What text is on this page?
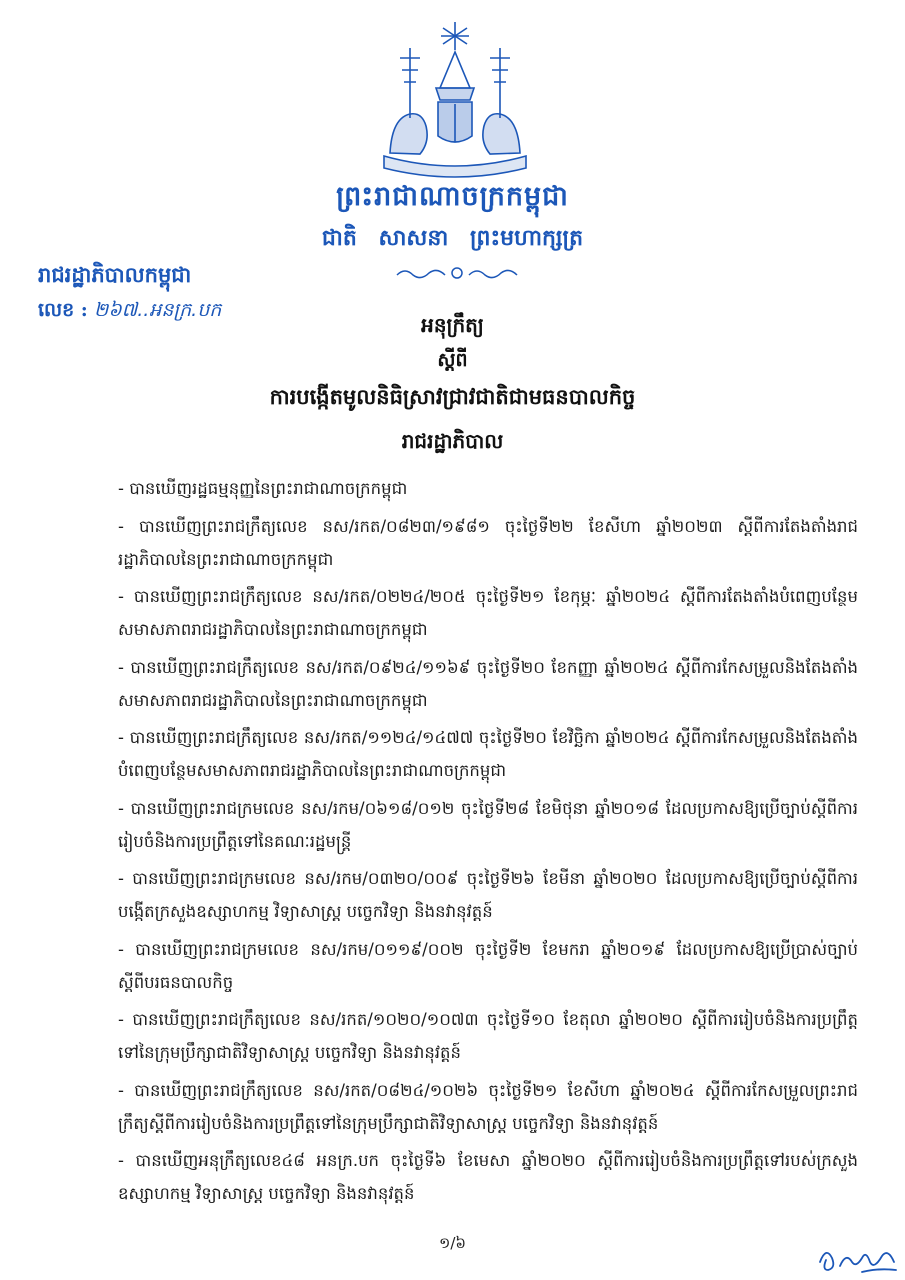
ព្រះរាជាណាចក្រកម្ពុជា
ជាតិ សាសនា ព្រះមហាក្សត្រ
រាជរដ្ឋាភិបាលកម្ពុជា
លេខ : ២៦៧..អនក្រ.បក
អនុក្រឹត្យ
ស្តីពី
ការបង្កើតមូលនិធិស្រាវជ្រាវជាតិជាមធនបាលកិច្ច
រាជរដ្ឋាភិបាល
- បានឃើញរដ្ឋធម្មនុញ្ញនៃព្រះរាជាណាចក្រកម្ពុជា
- បានឃើញព្រះរាជក្រឹត្យលេខ នស/រកត/០៨២៣/១៩៨១ ចុះថ្ងៃទី២២ ខែសីហា ឆ្នាំ២០២៣ ស្តីពីការតែងតាំងរាជរដ្ឋាភិបាលនៃព្រះរាជាណាចក្រកម្ពុជា
- បានឃើញព្រះរាជក្រឹត្យលេខ នស/រកត/០២២៤/២០៥ ចុះថ្ងៃទី២១ ខែកុម្ភៈ ឆ្នាំ២០២៤ ស្តីពីការតែងតាំងបំពេញបន្ថែមសមាសភាពរាជរដ្ឋាភិបាលនៃព្រះរាជាណាចក្រកម្ពុជា
- បានឃើញព្រះរាជក្រឹត្យលេខ នស/រកត/០៩២៤/១១៦៩ ចុះថ្ងៃទី២០ ខែកញ្ញា ឆ្នាំ២០២៤ ស្តីពីការកែសម្រួលនិងតែងតាំងសមាសភាពរាជរដ្ឋាភិបាលនៃព្រះរាជាណាចក្រកម្ពុជា
- បានឃើញព្រះរាជក្រឹត្យលេខ នស/រកត/១១២៤/១៤៧៧ ចុះថ្ងៃទី២០ ខែវិច្ឆិកា ឆ្នាំ២០២៤ ស្តីពីការកែសម្រួលនិងតែងតាំងបំពេញបន្ថែមសមាសភាពរាជរដ្ឋាភិបាលនៃព្រះរាជាណាចក្រកម្ពុជា
- បានឃើញព្រះរាជក្រមលេខ នស/រកម/០៦១៨/០១២ ចុះថ្ងៃទី២៨ ខែមិថុនា ឆ្នាំ២០១៨ ដែលប្រកាសឱ្យប្រើច្បាប់ស្តីពីការរៀបចំនិងការប្រព្រឹត្តទៅនៃគណៈរដ្ឋមន្ត្រី
- បានឃើញព្រះរាជក្រមលេខ នស/រកម/០៣២០/០០៩ ចុះថ្ងៃទី២៦ ខែមីនា ឆ្នាំ២០២០ ដែលប្រកាសឱ្យប្រើច្បាប់ស្តីពីការបង្កើតក្រសួងឧស្សាហកម្ម វិទ្យាសាស្ត្រ បច្ចេកវិទ្យា និងនវានុវត្តន៍
- បានឃើញព្រះរាជក្រមលេខ នស/រកម/០១១៩/០០២ ចុះថ្ងៃទី២ ខែមករា ឆ្នាំ២០១៩ ដែលប្រកាសឱ្យប្រើប្រាស់ច្បាប់ស្តីពីបរធនបាលកិច្ច
- បានឃើញព្រះរាជក្រឹត្យលេខ នស/រកត/១០២០/១០៧៣ ចុះថ្ងៃទី១០ ខែតុលា ឆ្នាំ២០២០ ស្តីពីការរៀបចំនិងការប្រព្រឹត្តទៅនៃក្រុមប្រឹក្សាជាតិវិទ្យាសាស្ត្រ បច្ចេកវិទ្យា និងនវានុវត្តន៍
- បានឃើញព្រះរាជក្រឹត្យលេខ នស/រកត/០៨២៤/១០២៦ ចុះថ្ងៃទី២១ ខែសីហា ឆ្នាំ២០២៤ ស្តីពីការកែសម្រួលព្រះរាជក្រឹត្យស្តីពីការរៀបចំនិងការប្រព្រឹត្តទៅនៃក្រុមប្រឹក្សាជាតិវិទ្យាសាស្ត្រ បច្ចេកវិទ្យា និងនវានុវត្តន៍
- បានឃើញអនុក្រឹត្យលេខ៤៨ អនក្រ.បក ចុះថ្ងៃទី៦ ខែមេសា ឆ្នាំ២០២០ ស្តីពីការរៀបចំនិងការប្រព្រឹត្តទៅរបស់ក្រសួងឧស្សាហកម្ម វិទ្យាសាស្ត្រ បច្ចេកវិទ្យា និងនវានុវត្តន៍
១/៦
